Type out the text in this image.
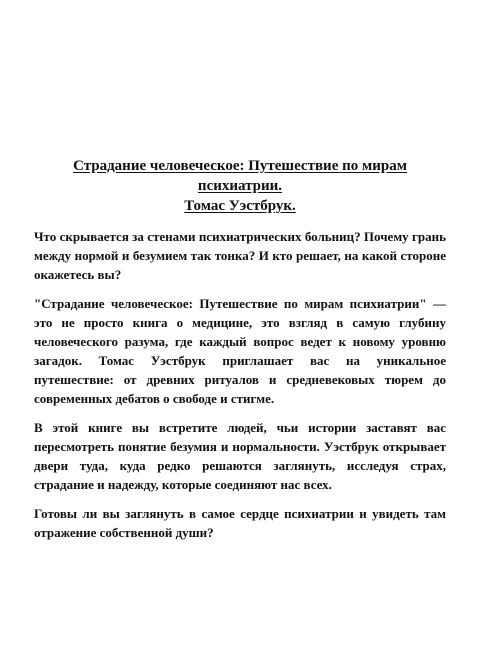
Страдание человеческое: Путешествие по мирам психиатрии.
Томас Уэстбрук.

Что скрывается за стенами психиатрических больниц? Почему грань между нормой и безумием так тонка? И кто решает, на какой стороне окажетесь вы?

"Страдание человеческое: Путешествие по мирам психиатрии" — это не просто книга о медицине, это взгляд в самую глубину человеческого разума, где каждый вопрос ведет к новому уровню загадок. Томас Уэстбрук приглашает вас на уникальное путешествие: от древних ритуалов и средневековых тюрем до современных дебатов о свободе и стигме.

В этой книге вы встретите людей, чьи истории заставят вас пересмотреть понятие безумия и нормальности. Уэстбрук открывает двери туда, куда редко решаются заглянуть, исследуя страх, страдание и надежду, которые соединяют нас всех.

Готовы ли вы заглянуть в самое сердце психиатрии и увидеть там отражение собственной души?
